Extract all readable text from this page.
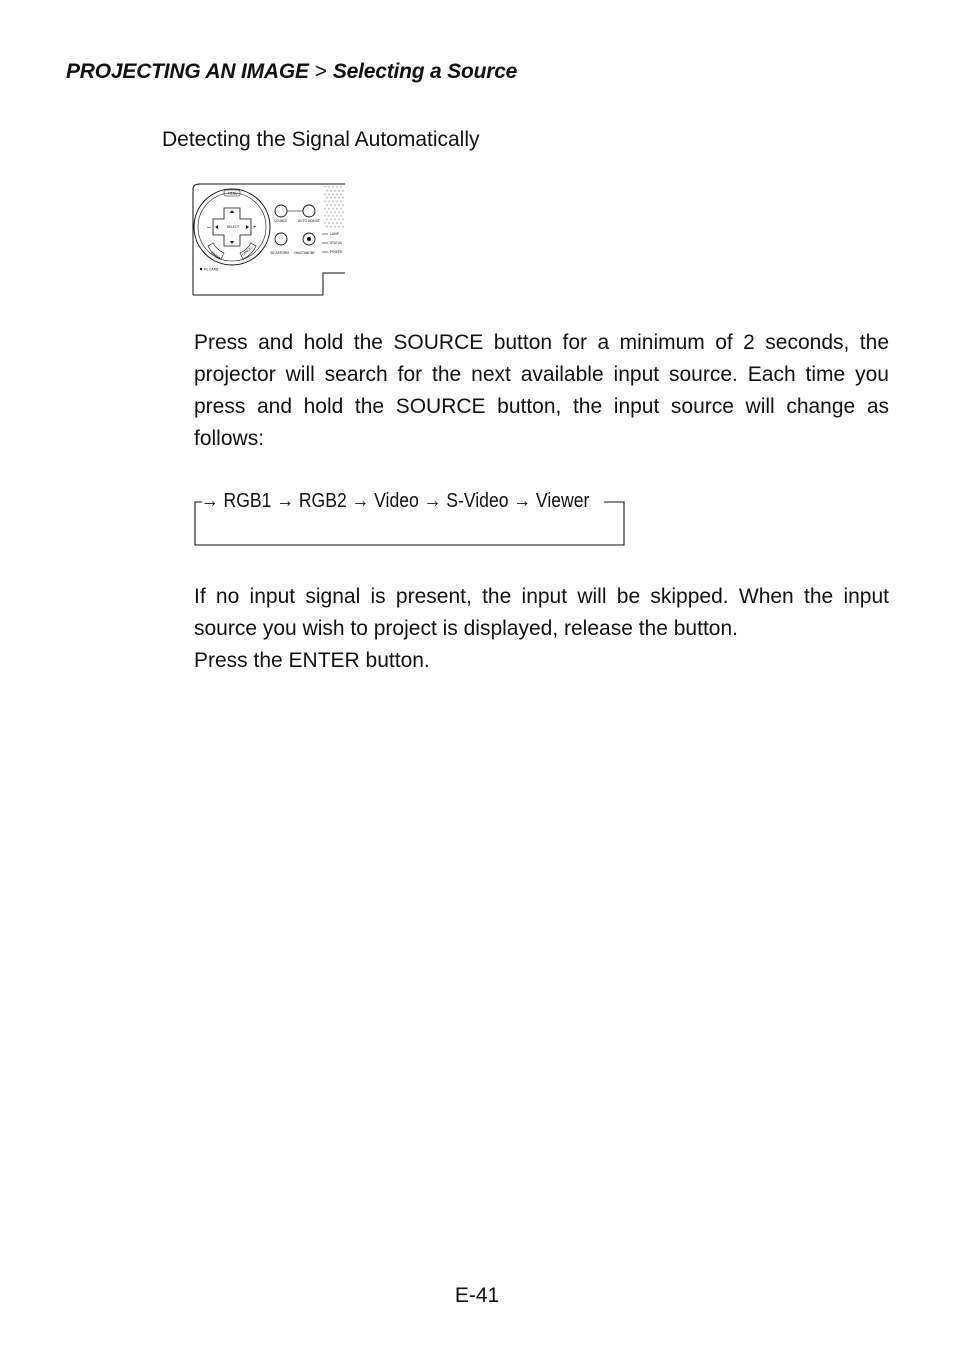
PROJECTING AN IMAGE > Selecting a Source
Detecting the Signal Automatically
SELECT
MENU
–	+
ENTER	CANCEL
SOURCE	AUTO ADJUST
3D REFORM ON/STANDBY
LAMP
STATUS
POWER
PC CARD
Press and hold the SOURCE button for a minimum of 2 seconds, the projector will search for the next available input source. Each time you press and hold the SOURCE button, the input source will change as follows:
→ RGB1 → RGB2 → Video → S-Video → Viewer
If no input signal is present, the input will be skipped. When the input
source you wish to project is displayed, release the button.
Press the ENTER button.
E-41
